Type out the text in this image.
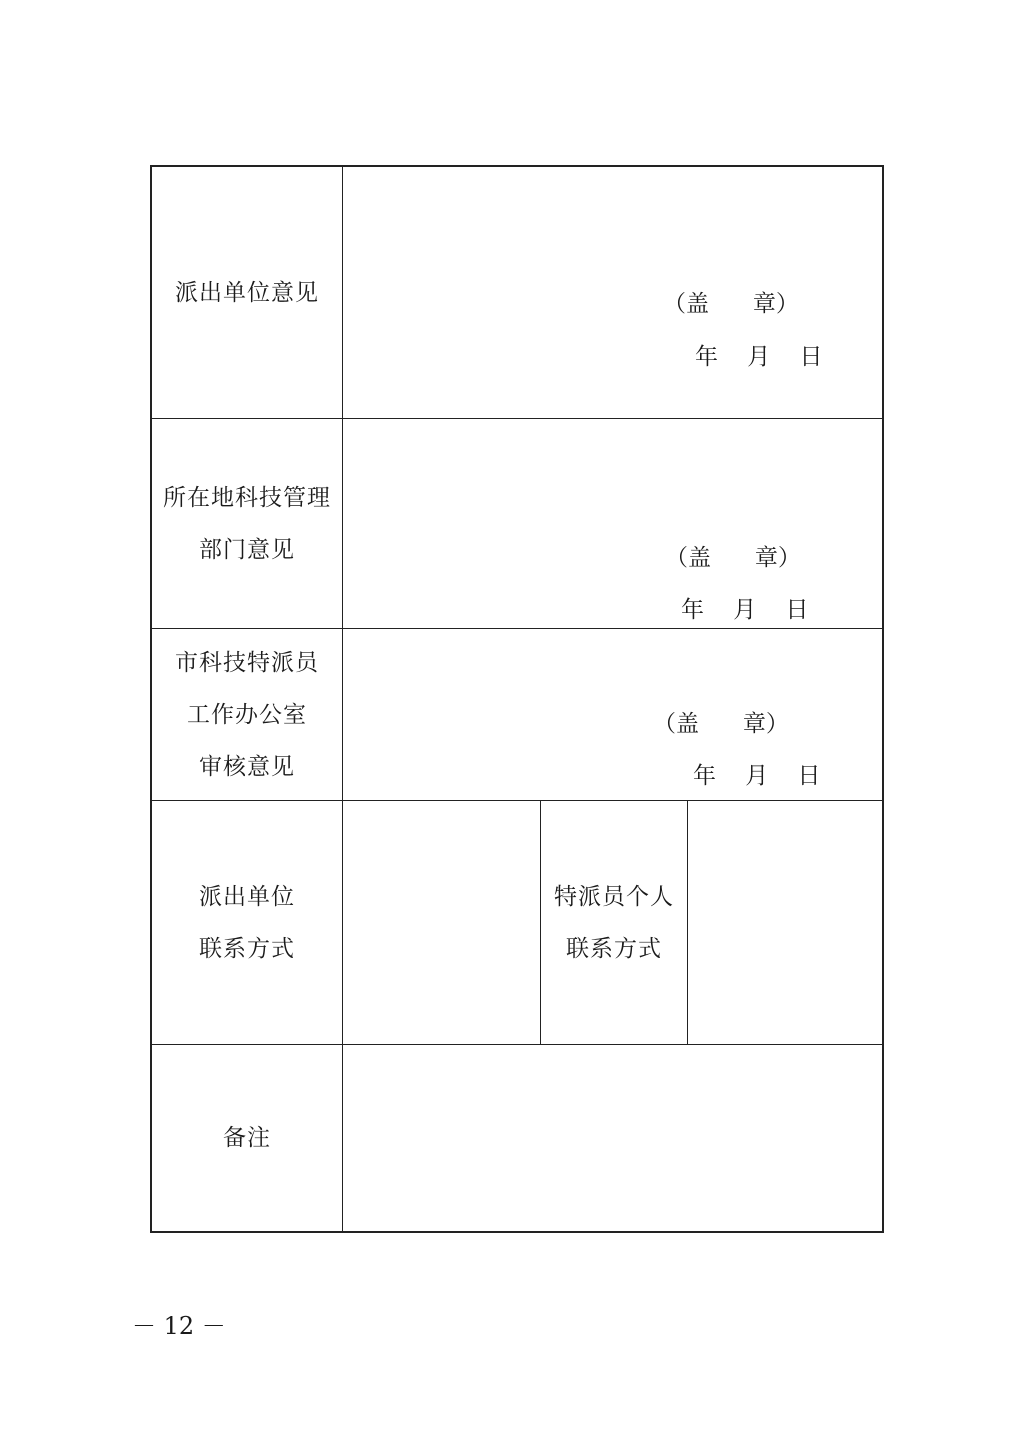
派出单位意见	（盖      章）
年    月    日
所在地科技管理
部门意见	（盖      章）
年    月    日
市科技特派员
工作办公室
审核意见
（盖      章）
年    月    日
派出单位
联系方式
特派员个人
联系方式
备注
－ 12 －
